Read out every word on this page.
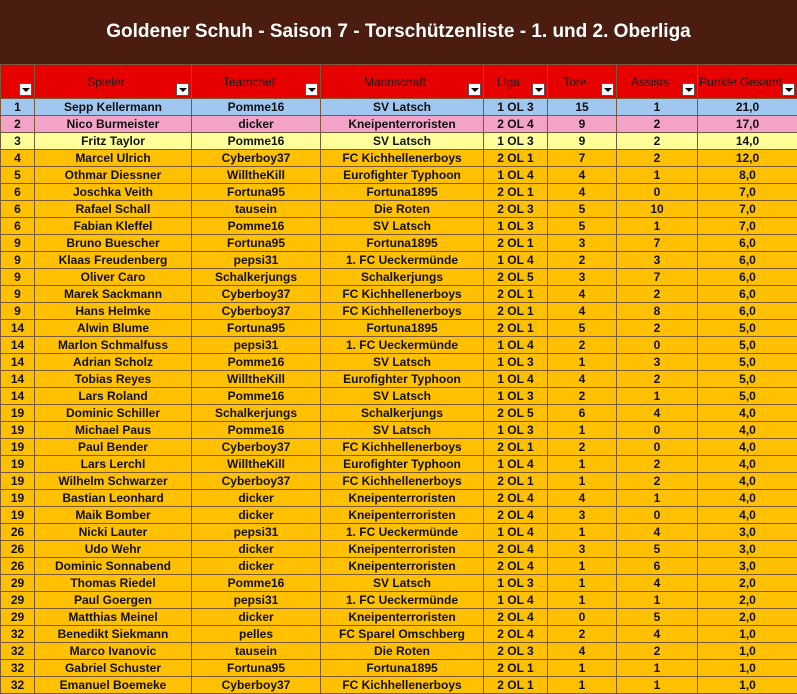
Goldener Schuh - Saison 7 - Torschützenliste - 1. und 2. Oberliga

	Spieler	Teamchef	Mannschaft	Liga	Tore	Assists	Punkte Gesamt

1	Sepp Kellermann	Pomme16	SV Latsch	1 OL 3	15	1	21,0
2	Nico Burmeister	dicker	Kneipenterroristen	2 OL 4	9	2	17,0
3	Fritz Taylor	Pomme16	SV Latsch	1 OL 3	9	2	14,0
4	Marcel Ulrich	Cyberboy37	FC Kichhellenerboys	2 OL 1	7	2	12,0
5	Othmar Diessner	WilltheKill	Eurofighter Typhoon	1 OL 4	4	1	8,0
6	Joschka Veith	Fortuna95	Fortuna1895	2 OL 1	4	0	7,0
6	Rafael Schall	tausein	Die Roten	2 OL 3	5	10	7,0
6	Fabian Kleffel	Pomme16	SV Latsch	1 OL 3	5	1	7,0
9	Bruno Buescher	Fortuna95	Fortuna1895	2 OL 1	3	7	6,0
9	Klaas Freudenberg	pepsi31	1. FC Ueckermünde	1 OL 4	2	3	6,0
9	Oliver Caro	Schalkerjungs	Schalkerjungs	2 OL 5	3	7	6,0
9	Marek Sackmann	Cyberboy37	FC Kichhellenerboys	2 OL 1	4	2	6,0
9	Hans Helmke	Cyberboy37	FC Kichhellenerboys	2 OL 1	4	8	6,0
14	Alwin Blume	Fortuna95	Fortuna1895	2 OL 1	5	2	5,0
14	Marlon Schmalfuss	pepsi31	1. FC Ueckermünde	1 OL 4	2	0	5,0
14	Adrian Scholz	Pomme16	SV Latsch	1 OL 3	1	3	5,0
14	Tobias Reyes	WilltheKill	Eurofighter Typhoon	1 OL 4	4	2	5,0
14	Lars Roland	Pomme16	SV Latsch	1 OL 3	2	1	5,0
19	Dominic Schiller	Schalkerjungs	Schalkerjungs	2 OL 5	6	4	4,0
19	Michael Paus	Pomme16	SV Latsch	1 OL 3	1	0	4,0
19	Paul Bender	Cyberboy37	FC Kichhellenerboys	2 OL 1	2	0	4,0
19	Lars Lerchl	WilltheKill	Eurofighter Typhoon	1 OL 4	1	2	4,0
19	Wilhelm Schwarzer	Cyberboy37	FC Kichhellenerboys	2 OL 1	1	2	4,0
19	Bastian Leonhard	dicker	Kneipenterroristen	2 OL 4	4	1	4,0
19	Maik Bomber	dicker	Kneipenterroristen	2 OL 4	3	0	4,0
26	Nicki Lauter	pepsi31	1. FC Ueckermünde	1 OL 4	1	4	3,0
26	Udo Wehr	dicker	Kneipenterroristen	2 OL 4	3	5	3,0
26	Dominic Sonnabend	dicker	Kneipenterroristen	2 OL 4	1	6	3,0
29	Thomas Riedel	Pomme16	SV Latsch	1 OL 3	1	4	2,0
29	Paul Goergen	pepsi31	1. FC Ueckermünde	1 OL 4	1	1	2,0
29	Matthias Meinel	dicker	Kneipenterroristen	2 OL 4	0	5	2,0
32	Benedikt Siekmann	pelles	FC Sparel Omschberg	2 OL 4	2	4	1,0
32	Marco Ivanovic	tausein	Die Roten	2 OL 3	4	2	1,0
32	Gabriel Schuster	Fortuna95	Fortuna1895	2 OL 1	1	1	1,0
32	Emanuel Boemeke	Cyberboy37	FC Kichhellenerboys	2 OL 1	1	1	1,0
